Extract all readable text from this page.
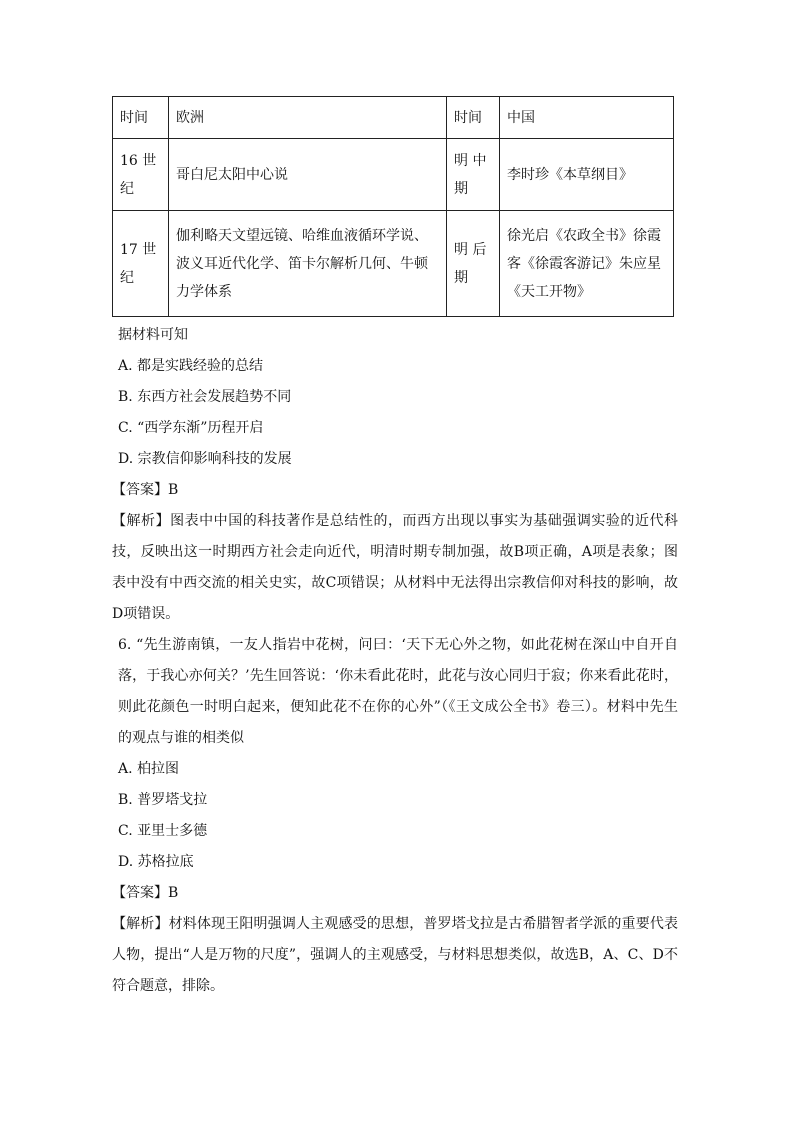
时间	欧洲	时间	中国
16 世纪	哥白尼太阳中心说	明 中 期	李时珍《本草纲目》
17 世纪	伽利略天文望远镜、哈维血液循环学说、波义耳近代化学、笛卡尔解析几何、牛顿力学体系	明 后 期	徐光启《农政全书》徐霞客《徐霞客游记》朱应星《天工开物》
据材料可知
A. 都是实践经验的总结
B. 东西方社会发展趋势不同
C. “西学东渐”历程开启
D. 宗教信仰影响科技的发展
【答案】B
【解析】图表中中国的科技著作是总结性的，而西方出现以事实为基础强调实验的近代科技，反映出这一时期西方社会走向近代，明清时期专制加强，故B项正确，A项是表象；图表中没有中西交流的相关史实，故C项错误；从材料中无法得出宗教信仰对科技的影响，故D项错误。
6. “先生游南镇，一友人指岩中花树，问曰：‘天下无心外之物，如此花树在深山中自开自落，于我心亦何关？’先生回答说：‘你未看此花时，此花与汝心同归于寂；你来看此花时，则此花颜色一时明白起来，便知此花不在你的心外”（《王文成公全书》卷三）。材料中先生的观点与谁的相类似
A. 柏拉图
B. 普罗塔戈拉
C. 亚里士多德
D. 苏格拉底
【答案】B
【解析】材料体现王阳明强调人主观感受的思想，普罗塔戈拉是古希腊智者学派的重要代表人物，提出“人是万物的尺度”，强调人的主观感受，与材料思想类似，故选B，A、C、D不符合题意，排除。
